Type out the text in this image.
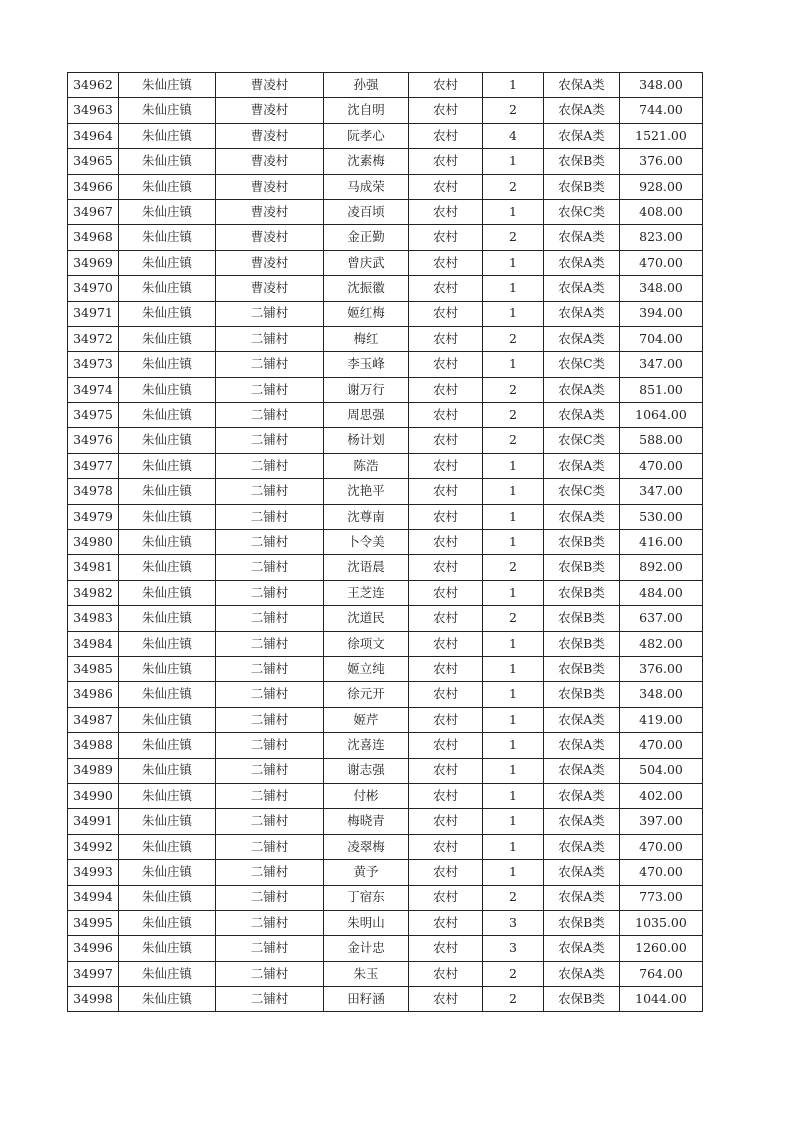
34962	朱仙庄镇	曹凌村	孙强	农村	1	农保A类	348.00
34963	朱仙庄镇	曹凌村	沈自明	农村	2	农保A类	744.00
34964	朱仙庄镇	曹凌村	阮孝心	农村	4	农保A类	1521.00
34965	朱仙庄镇	曹凌村	沈素梅	农村	1	农保B类	376.00
34966	朱仙庄镇	曹凌村	马成荣	农村	2	农保B类	928.00
34967	朱仙庄镇	曹凌村	凌百顷	农村	1	农保C类	408.00
34968	朱仙庄镇	曹凌村	金正勤	农村	2	农保A类	823.00
34969	朱仙庄镇	曹凌村	曾庆武	农村	1	农保A类	470.00
34970	朱仙庄镇	曹凌村	沈振徽	农村	1	农保A类	348.00
34971	朱仙庄镇	二铺村	姬红梅	农村	1	农保A类	394.00
34972	朱仙庄镇	二铺村	梅红	农村	2	农保A类	704.00
34973	朱仙庄镇	二铺村	李玉峰	农村	1	农保C类	347.00
34974	朱仙庄镇	二铺村	谢万行	农村	2	农保A类	851.00
34975	朱仙庄镇	二铺村	周思强	农村	2	农保A类	1064.00
34976	朱仙庄镇	二铺村	杨计划	农村	2	农保C类	588.00
34977	朱仙庄镇	二铺村	陈浩	农村	1	农保A类	470.00
34978	朱仙庄镇	二铺村	沈艳平	农村	1	农保C类	347.00
34979	朱仙庄镇	二铺村	沈尊南	农村	1	农保A类	530.00
34980	朱仙庄镇	二铺村	卜令美	农村	1	农保B类	416.00
34981	朱仙庄镇	二铺村	沈语晨	农村	2	农保B类	892.00
34982	朱仙庄镇	二铺村	王芝连	农村	1	农保B类	484.00
34983	朱仙庄镇	二铺村	沈道民	农村	2	农保B类	637.00
34984	朱仙庄镇	二铺村	徐项文	农村	1	农保B类	482.00
34985	朱仙庄镇	二铺村	姬立纯	农村	1	农保B类	376.00
34986	朱仙庄镇	二铺村	徐元开	农村	1	农保B类	348.00
34987	朱仙庄镇	二铺村	姬芹	农村	1	农保A类	419.00
34988	朱仙庄镇	二铺村	沈喜连	农村	1	农保A类	470.00
34989	朱仙庄镇	二铺村	谢志强	农村	1	农保A类	504.00
34990	朱仙庄镇	二铺村	付彬	农村	1	农保A类	402.00
34991	朱仙庄镇	二铺村	梅晓青	农村	1	农保A类	397.00
34992	朱仙庄镇	二铺村	凌翠梅	农村	1	农保A类	470.00
34993	朱仙庄镇	二铺村	黄予	农村	1	农保A类	470.00
34994	朱仙庄镇	二铺村	丁宿东	农村	2	农保A类	773.00
34995	朱仙庄镇	二铺村	朱明山	农村	3	农保B类	1035.00
34996	朱仙庄镇	二铺村	金计忠	农村	3	农保A类	1260.00
34997	朱仙庄镇	二铺村	朱玉	农村	2	农保A类	764.00
34998	朱仙庄镇	二铺村	田籽涵	农村	2	农保B类	1044.00
